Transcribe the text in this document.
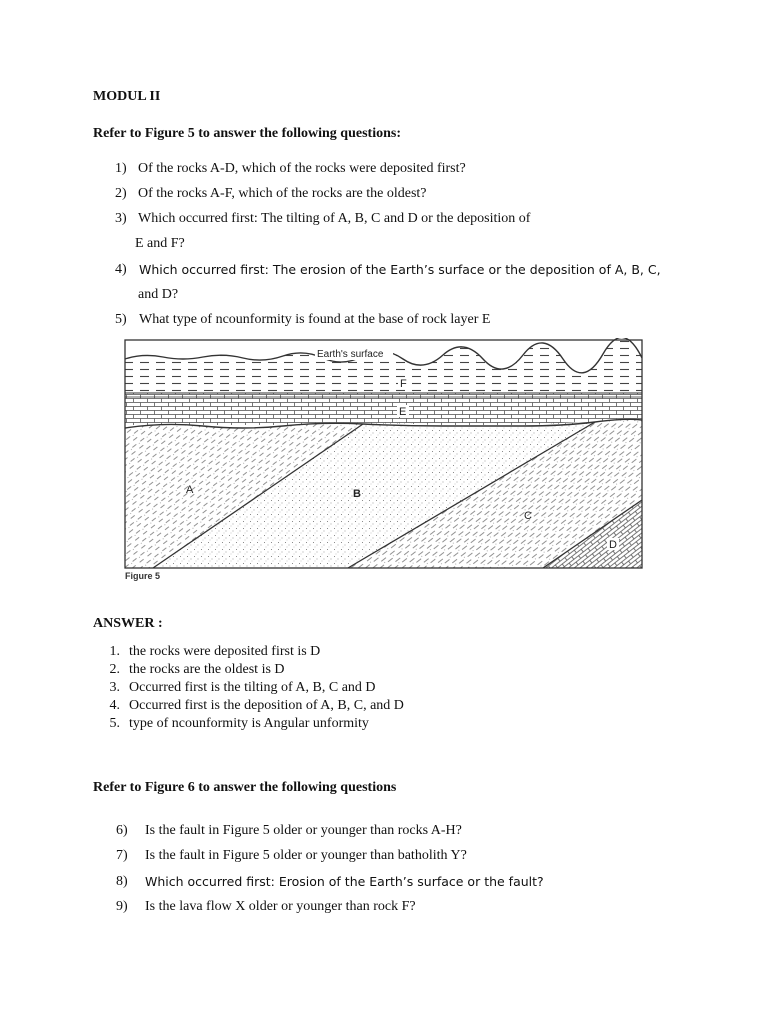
MODUL II
Refer to Figure 5 to answer the following questions:
1) Of the rocks A-D, which of the rocks were deposited first?
2) Of the rocks A-F, which of the rocks are the oldest?
3) Which occurred first: The tilting of A, B, C and D or the deposition of
E and F?
4) Which occurred first: The erosion of the Earth’s surface or the deposition of A, B, C,
and D?
5) What type of ncounformity is found at the base of rock layer E
Earth's surface
F
E
A	B
C
D
Figure 5
ANSWER :
1. the rocks were deposited first is D
2. the rocks are the oldest is D
3. Occurred first is the tilting of A, B, C and D
4. Occurred first is the deposition of A, B, C, and D
5. type of ncounformity is Angular unformity
Refer to Figure 6 to answer the following questions
6) Is the fault in Figure 5 older or younger than rocks A-H?
7) Is the fault in Figure 5 older or younger than batholith Y?
8) Which occurred first: Erosion of the Earth’s surface or the fault?
9) Is the lava flow X older or younger than rock F?
